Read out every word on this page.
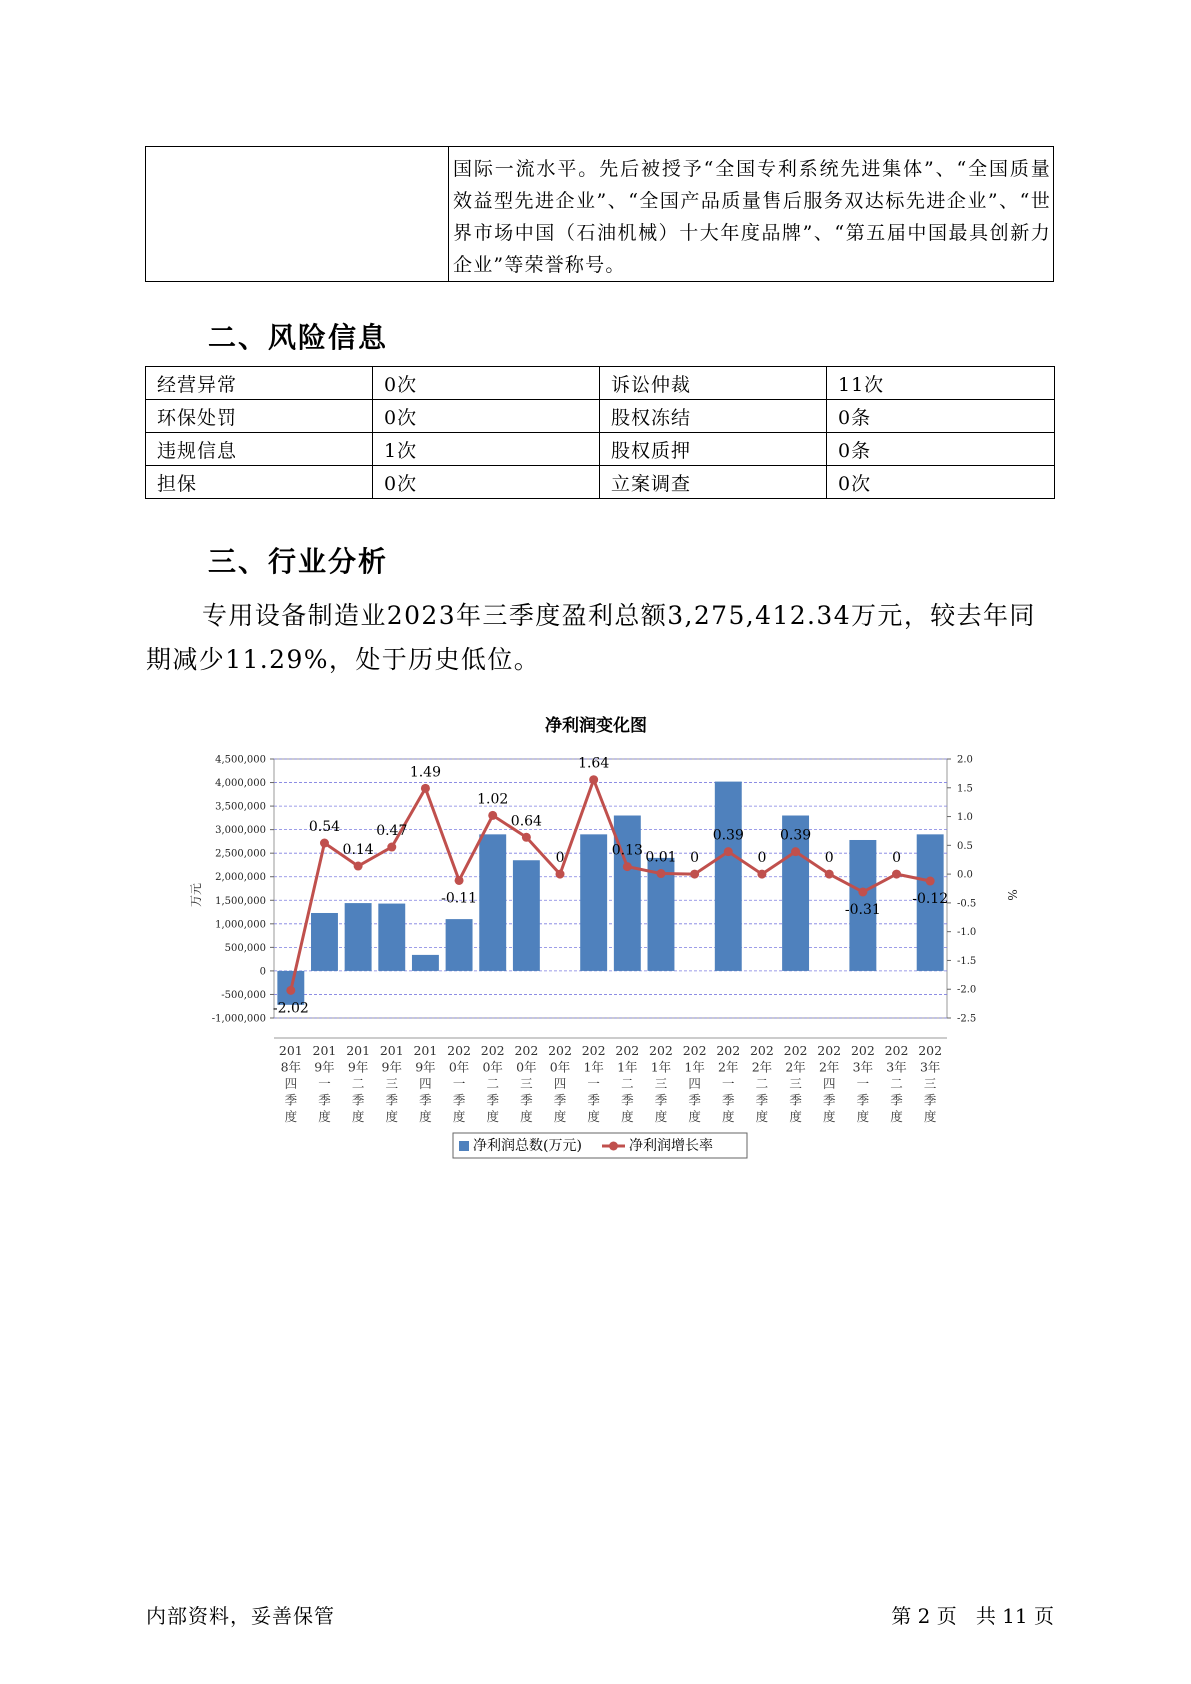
	国际一流水平。先后被授予“全国专利系统先进集体”、“全国质量效益型先进企业”、“全国产品质量售后服务双达标先进企业”、“世界市场中国（石油机械）十大年度品牌”、“第五届中国最具创新力企业”等荣誉称号。
二、风险信息
经营异常	0次	诉讼仲裁	11次
环保处罚	0次	股权冻结	0条
违规信息	1次	股权质押	0条
担保	0次	立案调查	0次
三、行业分析

专用设备制造业2023年三季度盈利总额3,275,412.34万元，较去年同期减少11.29%，处于历史低位。

净利润变化图
4,500,000
4,000,000
3,500,000
3,000,000
2,500,000
2,000,000
1,500,000
1,000,000
500,000
0
-500,000
-1,000,000
2.0
1.5
1.0
0.5
0.0
-0.5
-1.0
-1.5
-2.0
-2.5
万元	%
-2.02
0.54
0.14
0.47
1.49
-0.11
1.02
0.64
0
1.64
0.13 0.01 0
0.39
0
0.39
0
-0.31
0
-0.12
201
8年
四
季
度
201
9年
一
季
度
201
9年
二
季
度
201
9年
三
季
度
201
9年
四
季
度
202
0年
一
季
度
202
0年
二
季
度
202
0年
三
季
度
202
0年
四
季
度
202
1年
一
季
度
202
1年
二
季
度
202
1年
三
季
度
202
1年
四
季
度
202
2年
一
季
度
202
2年
二
季
度
202
2年
三
季
度
202
2年
四
季
度
202
3年
一
季
度
202
3年
二
季
度
202
3年
三
季
度
净利润总数(万元)	净利润增长率
内部资料，妥善保管	第 2 页   共 11 页
